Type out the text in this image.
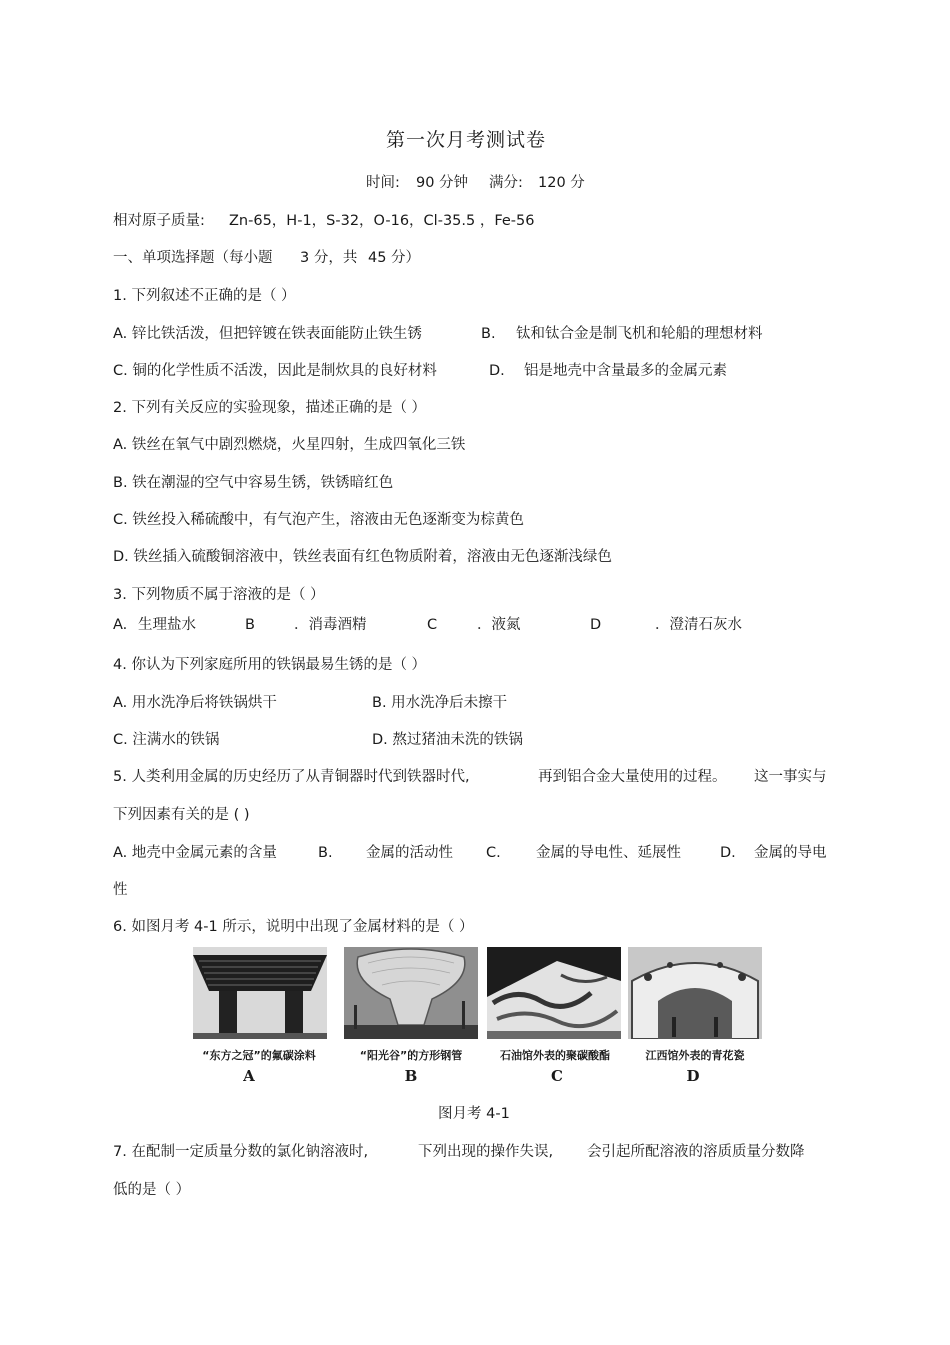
第一次月考测试卷
时间: 90 分钟 满分: 120 分
相对原子质量: Zn-65，H-1，S-32，O-16，Cl-35.5 ，Fe-56
一、单项选择题（每小题 3 分，共 45 分）
1. 下列叙述不正确的是（ ）
A. 锌比铁活泼，但把锌镀在铁表面能防止铁生锈	B. 钛和钛合金是制飞机和轮船的理想材料
C. 铜的化学性质不活泼，因此是制炊具的良好材料	D. 铝是地壳中含量最多的金属元素
2. 下列有关反应的实验现象，描述正确的是（ ）
A. 铁丝在氧气中剧烈燃烧，火星四射，生成四氧化三铁
B. 铁在潮湿的空气中容易生锈，铁锈暗红色
C. 铁丝投入稀硫酸中，有气泡产生，溶液由无色逐渐变为棕黄色
D. 铁丝插入硫酸铜溶液中，铁丝表面有红色物质附着，溶液由无色逐渐浅绿色
3. 下列物质不属于溶液的是（ ）
A. 生理盐水	B	．消毒酒精	C	．液氮	D	．澄清石灰水
4. 你认为下列家庭所用的铁锅最易生锈的是（ ）
A. 用水洗净后将铁锅烘干	B. 用水洗净后未擦干
C. 注满水的铁锅	D. 熬过猪油未洗的铁锅
5. 人类利用金属的历史经历了从青铜器时代到铁器时代,	再到铝合金大量使用的过程。 这一事实与
下列因素有关的是 ( )
A. 地壳中金属元素的含量	B. 金属的活动性 C. 金属的导电性、延展性	D. 金属的导电
性
6. 如图月考 4-1 所示，说明中出现了金属材料的是（ ）
“东方之冠”的氟碳涂料	“阳光谷”的方形钢管	石油馆外表的聚碳酸酯	江西馆外表的青花瓷
A	B	C	D
图月考 4-1
7. 在配制一定质量分数的氯化钠溶液时,	下列出现的操作失误, 会引起所配溶液的溶质质量分数降
低的是（ ）
